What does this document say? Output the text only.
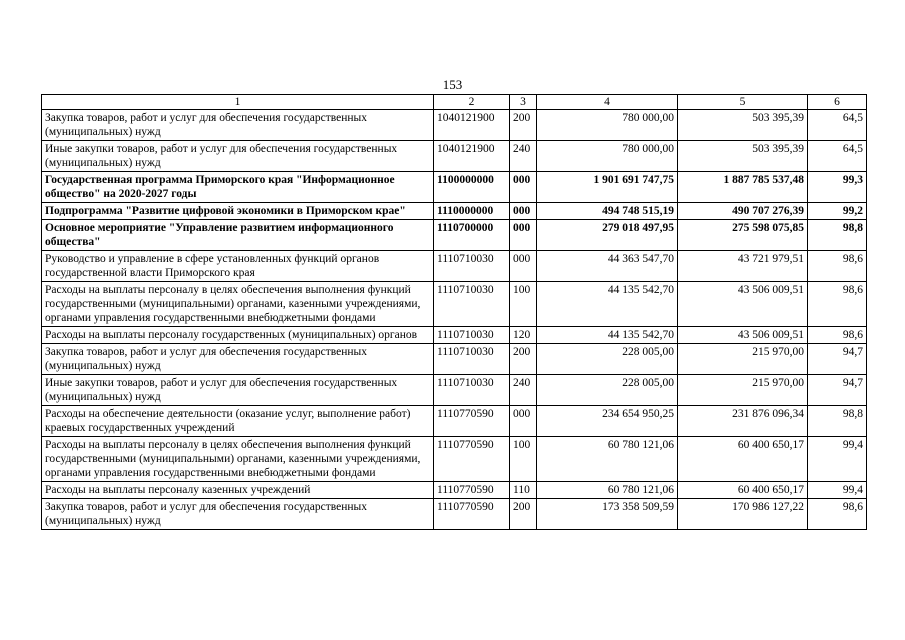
153
1	2	3	4	5	6
Закупка товаров, работ и услуг для обеспечения государственных (муниципальных) нужд	1040121900	200	780 000,00	503 395,39	64,5
Иные закупки товаров, работ и услуг для обеспечения государственных (муниципальных) нужд	1040121900	240	780 000,00	503 395,39	64,5
Государственная программа Приморского края "Информационное общество" на 2020-2027 годы	1100000000	000	1 901 691 747,75	1 887 785 537,48	99,3
Подпрограмма "Развитие цифровой экономики в Приморском крае"	1110000000	000	494 748 515,19	490 707 276,39	99,2
Основное мероприятие "Управление развитием информационного общества"	1110700000	000	279 018 497,95	275 598 075,85	98,8
Руководство и управление в сфере установленных функций органов государственной власти Приморского края	1110710030	000	44 363 547,70	43 721 979,51	98,6
Расходы на выплаты персоналу в целях обеспечения выполнения функций государственными (муниципальными) органами, казенными учреждениями, органами управления государственными внебюджетными фондами	1110710030	100	44 135 542,70	43 506 009,51	98,6
Расходы на выплаты персоналу государственных (муниципальных) органов	1110710030	120	44 135 542,70	43 506 009,51	98,6
Закупка товаров, работ и услуг для обеспечения государственных (муниципальных) нужд	1110710030	200	228 005,00	215 970,00	94,7
Иные закупки товаров, работ и услуг для обеспечения государственных (муниципальных) нужд	1110710030	240	228 005,00	215 970,00	94,7
Расходы на обеспечение деятельности (оказание услуг, выполнение работ) краевых государственных учреждений	1110770590	000	234 654 950,25	231 876 096,34	98,8
Расходы на выплаты персоналу в целях обеспечения выполнения функций государственными (муниципальными) органами, казенными учреждениями, органами управления государственными внебюджетными фондами	1110770590	100	60 780 121,06	60 400 650,17	99,4
Расходы на выплаты персоналу казенных учреждений	1110770590	110	60 780 121,06	60 400 650,17	99,4
Закупка товаров, работ и услуг для обеспечения государственных (муниципальных) нужд	1110770590	200	173 358 509,59	170 986 127,22	98,6
